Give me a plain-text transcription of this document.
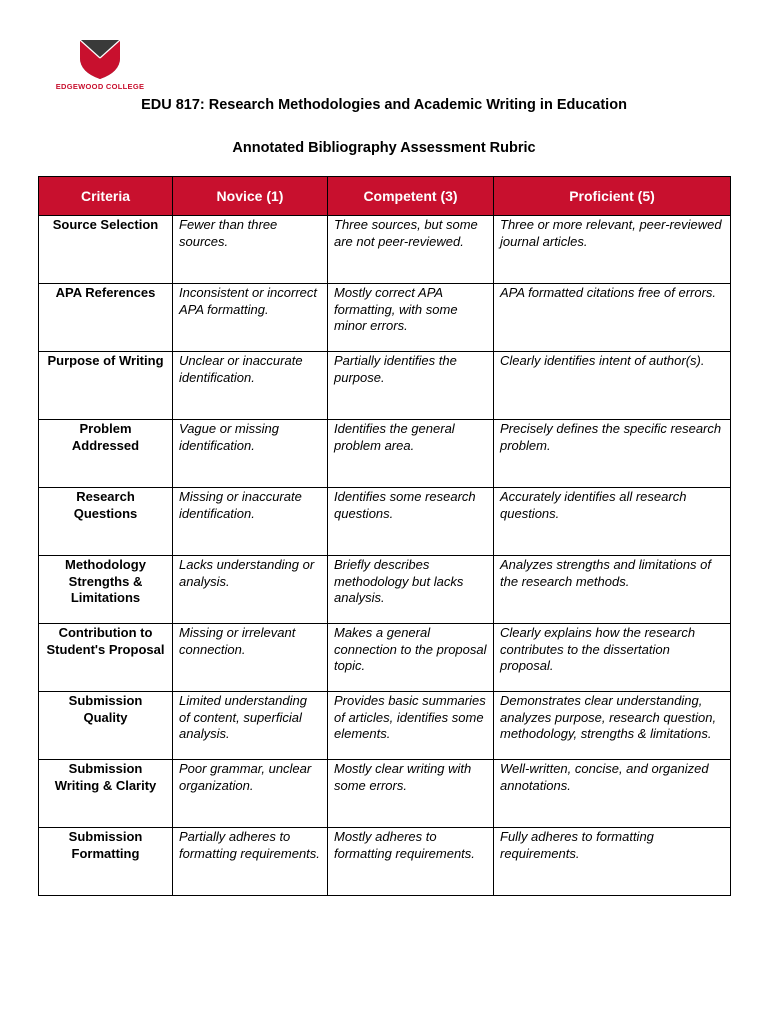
EDGEWOOD COLLEGE
EDU 817: Research Methodologies and Academic Writing in Education
Annotated Bibliography Assessment Rubric
Criteria	Novice (1)	Competent (3)	Proficient (5)
Source Selection	Fewer than three sources.	Three sources, but some are not peer-reviewed.	Three or more relevant, peer-reviewed journal articles.
APA References	Inconsistent or incorrect APA formatting.	Mostly correct APA formatting, with some minor errors.	APA formatted citations free of errors.
Purpose of Writing	Unclear or inaccurate identification.	Partially identifies the purpose.	Clearly identifies intent of author(s).
Problem Addressed	Vague or missing identification.	Identifies the general problem area.	Precisely defines the specific research problem.
Research Questions	Missing or inaccurate identification.	Identifies some research questions.	Accurately identifies all research questions.
Methodology Strengths & Limitations	Lacks understanding or analysis.	Briefly describes methodology but lacks analysis.	Analyzes strengths and limitations of the research methods.
Contribution to Student's Proposal	Missing or irrelevant connection.	Makes a general connection to the proposal topic.	Clearly explains how the research contributes to the dissertation proposal.
Submission Quality	Limited understanding of content, superficial analysis.	Provides basic summaries of articles, identifies some elements.	Demonstrates clear understanding, analyzes purpose, research question, methodology, strengths & limitations.
Submission Writing & Clarity	Poor grammar, unclear organization.	Mostly clear writing with some errors.	Well-written, concise, and organized annotations.
Submission Formatting	Partially adheres to formatting requirements.	Mostly adheres to formatting requirements.	Fully adheres to formatting requirements.
